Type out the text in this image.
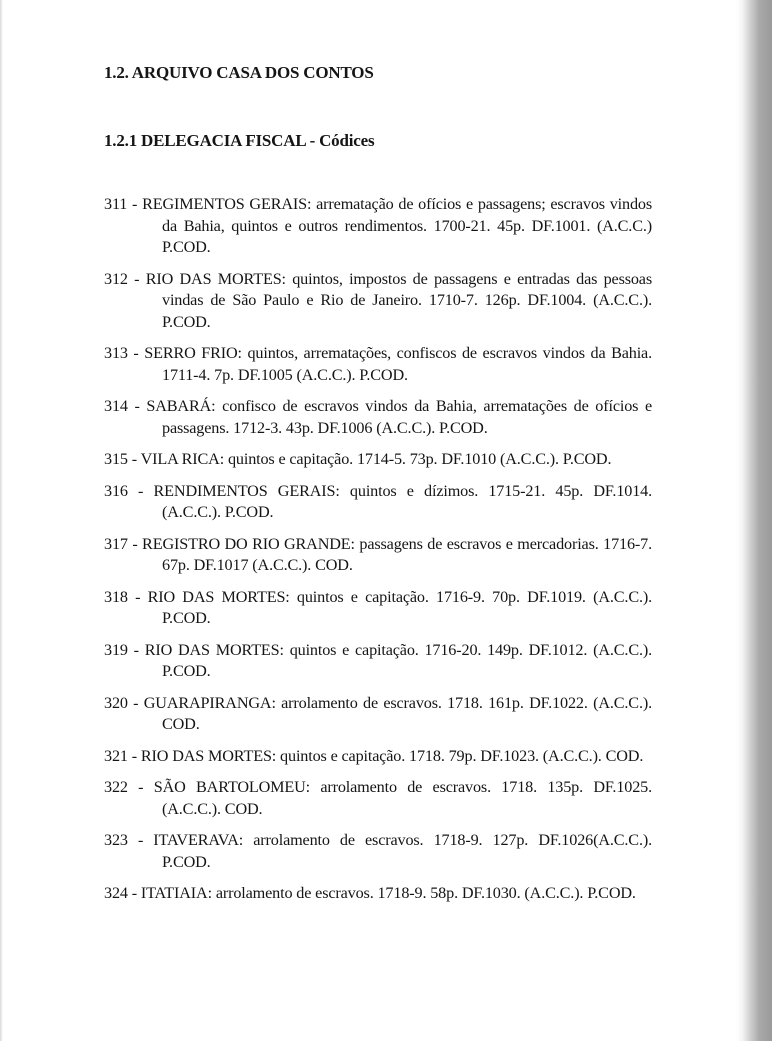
1.2. ARQUIVO CASA DOS CONTOS
1.2.1 DELEGACIA FISCAL - Códices
311 - REGIMENTOS GERAIS: arrematação de ofícios e passagens; escravos vindos da Bahia, quintos e outros rendimentos. 1700-21. 45p. DF.1001. (A.C.C.) P.COD.
312 - RIO DAS MORTES: quintos, impostos de passagens e entradas das pessoas vindas de São Paulo e Rio de Janeiro. 1710-7. 126p. DF.1004. (A.C.C.). P.COD.
313 - SERRO FRIO: quintos, arrematações, confiscos de escravos vindos da Bahia. 1711-4. 7p. DF.1005 (A.C.C.). P.COD.
314 - SABARÁ: confisco de escravos vindos da Bahia, arrematações de ofícios e passagens. 1712-3. 43p. DF.1006 (A.C.C.). P.COD.
315 - VILA RICA: quintos e capitação. 1714-5. 73p. DF.1010 (A.C.C.). P.COD.
316 - RENDIMENTOS GERAIS: quintos e dízimos. 1715-21. 45p. DF.1014. (A.C.C.). P.COD.
317 - REGISTRO DO RIO GRANDE: passagens de escravos e mercadorias. 1716-7. 67p. DF.1017 (A.C.C.). COD.
318 - RIO DAS MORTES: quintos e capitação. 1716-9. 70p. DF.1019. (A.C.C.). P.COD.
319 - RIO DAS MORTES: quintos e capitação. 1716-20. 149p. DF.1012. (A.C.C.). P.COD.
320 - GUARAPIRANGA: arrolamento de escravos. 1718. 161p. DF.1022. (A.C.C.). COD.
321 - RIO DAS MORTES: quintos e capitação. 1718. 79p. DF.1023. (A.C.C.). COD.
322 - SÃO BARTOLOMEU: arrolamento de escravos. 1718. 135p. DF.1025. (A.C.C.). COD.
323 - ITAVERAVA: arrolamento de escravos. 1718-9. 127p. DF.1026(A.C.C.). P.COD.
324 - ITATIAIA: arrolamento de escravos. 1718-9. 58p. DF.1030. (A.C.C.). P.COD.
